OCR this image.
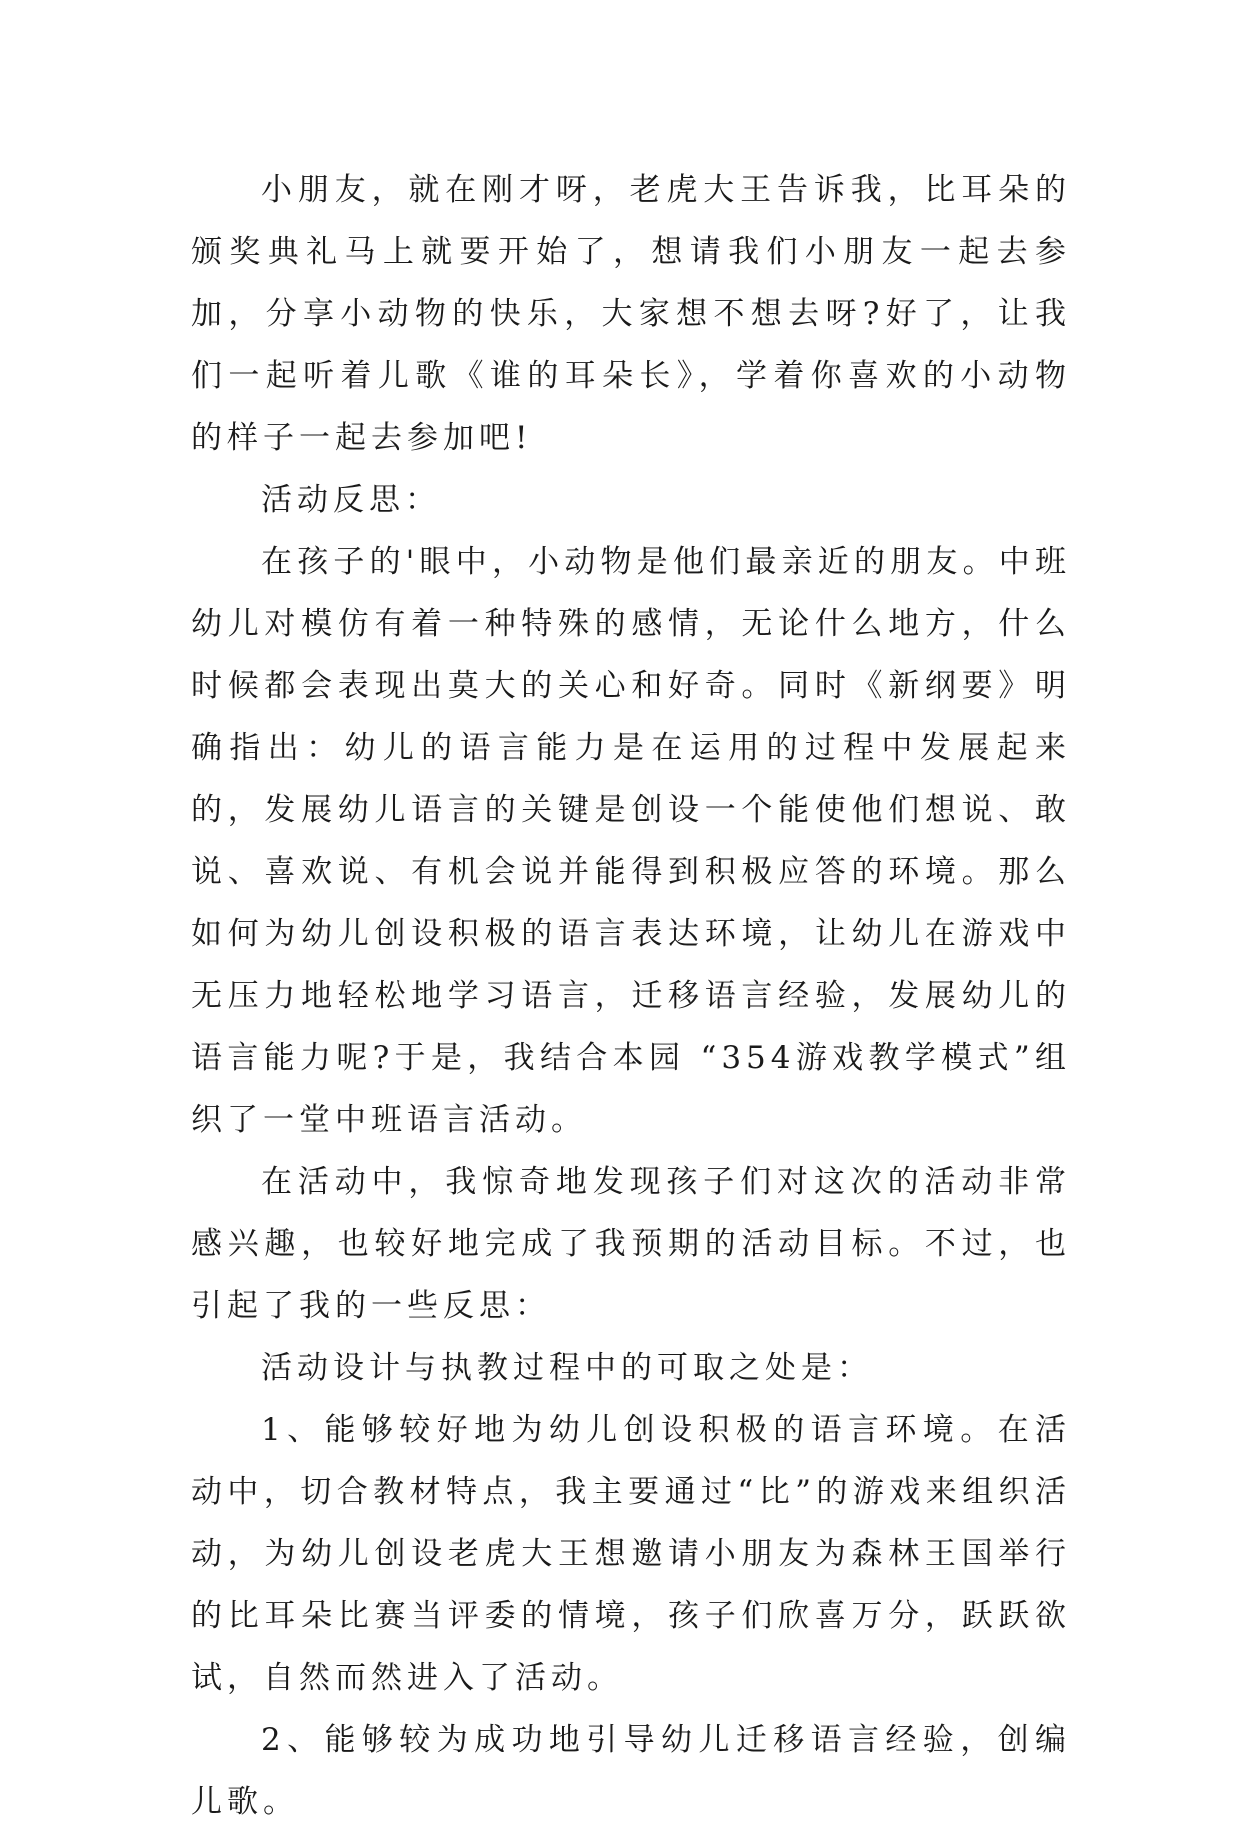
小朋友，就在刚才呀，老虎大王告诉我，比耳朵的颁奖典礼马上就要开始了，想请我们小朋友一起去参加，分享小动物的快乐，大家想不想去呀?好了，让我们一起听着儿歌《谁的耳朵长》，学着你喜欢的小动物的样子一起去参加吧!

活动反思：

在孩子的'眼中，小动物是他们最亲近的朋友。中班幼儿对模仿有着一种特殊的感情，无论什么地方，什么时候都会表现出莫大的关心和好奇。同时《新纲要》明确指出：幼儿的语言能力是在运用的过程中发展起来的，发展幼儿语言的关键是创设一个能使他们想说、敢说、喜欢说、有机会说并能得到积极应答的环境。那么如何为幼儿创设积极的语言表达环境，让幼儿在游戏中无压力地轻松地学习语言，迁移语言经验，发展幼儿的语言能力呢?于是，我结合本园 “354游戏教学模式”组织了一堂中班语言活动。

在活动中，我惊奇地发现孩子们对这次的活动非常感兴趣，也较好地完成了我预期的活动目标。不过，也引起了我的一些反思：

活动设计与执教过程中的可取之处是：

1、能够较好地为幼儿创设积极的语言环境。在活动中，切合教材特点，我主要通过“比”的游戏来组织活动，为幼儿创设老虎大王想邀请小朋友为森林王国举行的比耳朵比赛当评委的情境，孩子们欣喜万分，跃跃欲试，自然而然进入了活动。

2、能够较为成功地引导幼儿迁移语言经验，创编儿歌。
